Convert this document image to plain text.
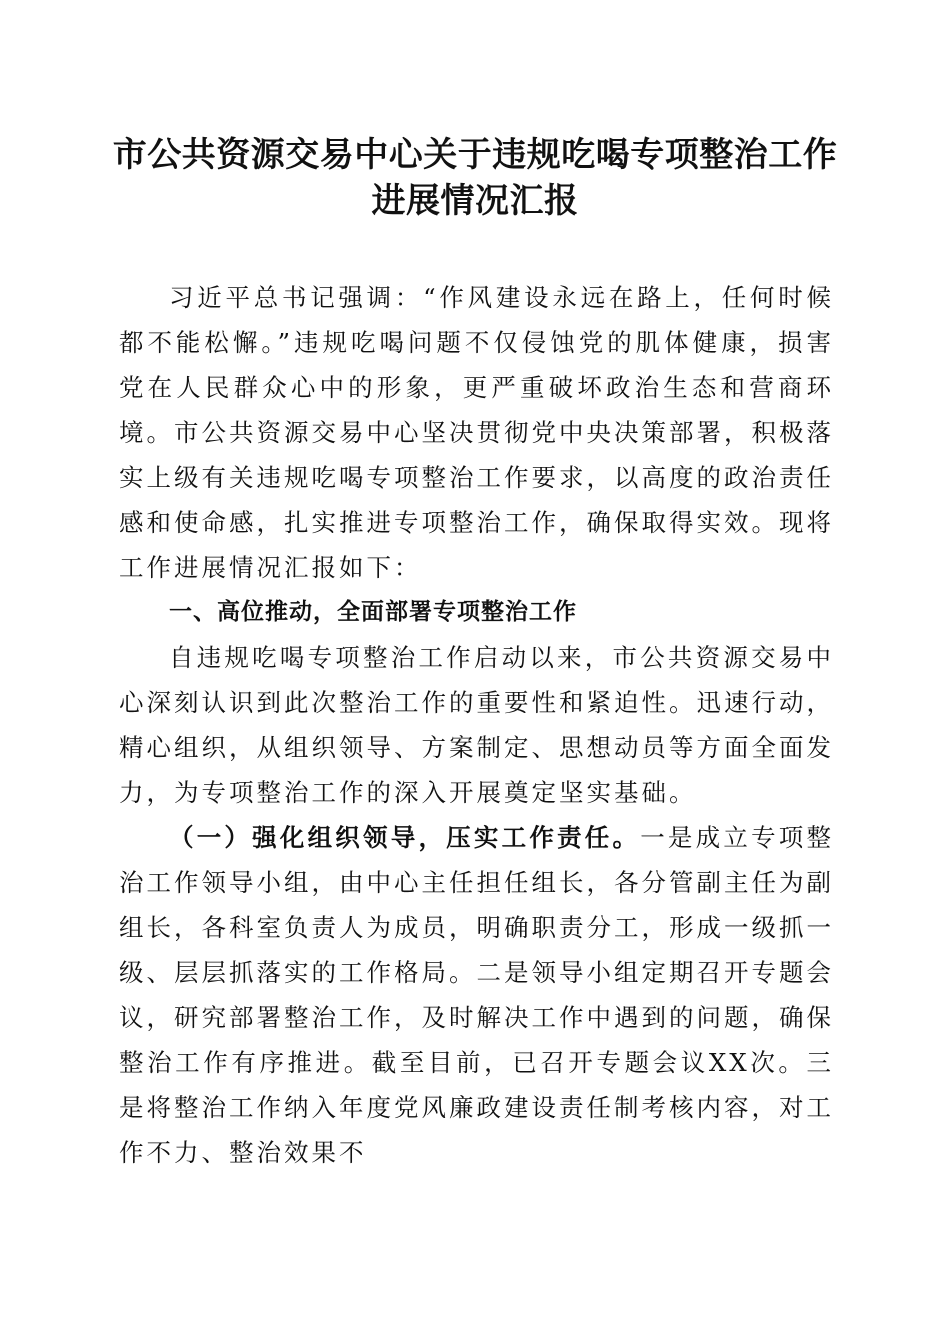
市公共资源交易中心关于违规吃喝专项整治工作进展情况汇报

习近平总书记强调：“作风建设永远在路上，任何时候都不能松懈。”违规吃喝问题不仅侵蚀党的肌体健康，损害党在人民群众心中的形象，更严重破坏政治生态和营商环境。市公共资源交易中心坚决贯彻党中央决策部署，积极落实上级有关违规吃喝专项整治工作要求，以高度的政治责任感和使命感，扎实推进专项整治工作，确保取得实效。现将工作进展情况汇报如下：

一、高位推动，全面部署专项整治工作

自违规吃喝专项整治工作启动以来，市公共资源交易中心深刻认识到此次整治工作的重要性和紧迫性。迅速行动，精心组织，从组织领导、方案制定、思想动员等方面全面发力，为专项整治工作的深入开展奠定坚实基础。

（一）强化组织领导，压实工作责任。一是成立专项整治工作领导小组，由中心主任担任组长，各分管副主任为副组长，各科室负责人为成员，明确职责分工，形成一级抓一级、层层抓落实的工作格局。二是领导小组定期召开专题会议，研究部署整治工作，及时解决工作中遇到的问题，确保整治工作有序推进。截至目前，已召开专题会议XX次。三是将整治工作纳入年度党风廉政建设责任制考核内容，对工作不力、整治效果不
